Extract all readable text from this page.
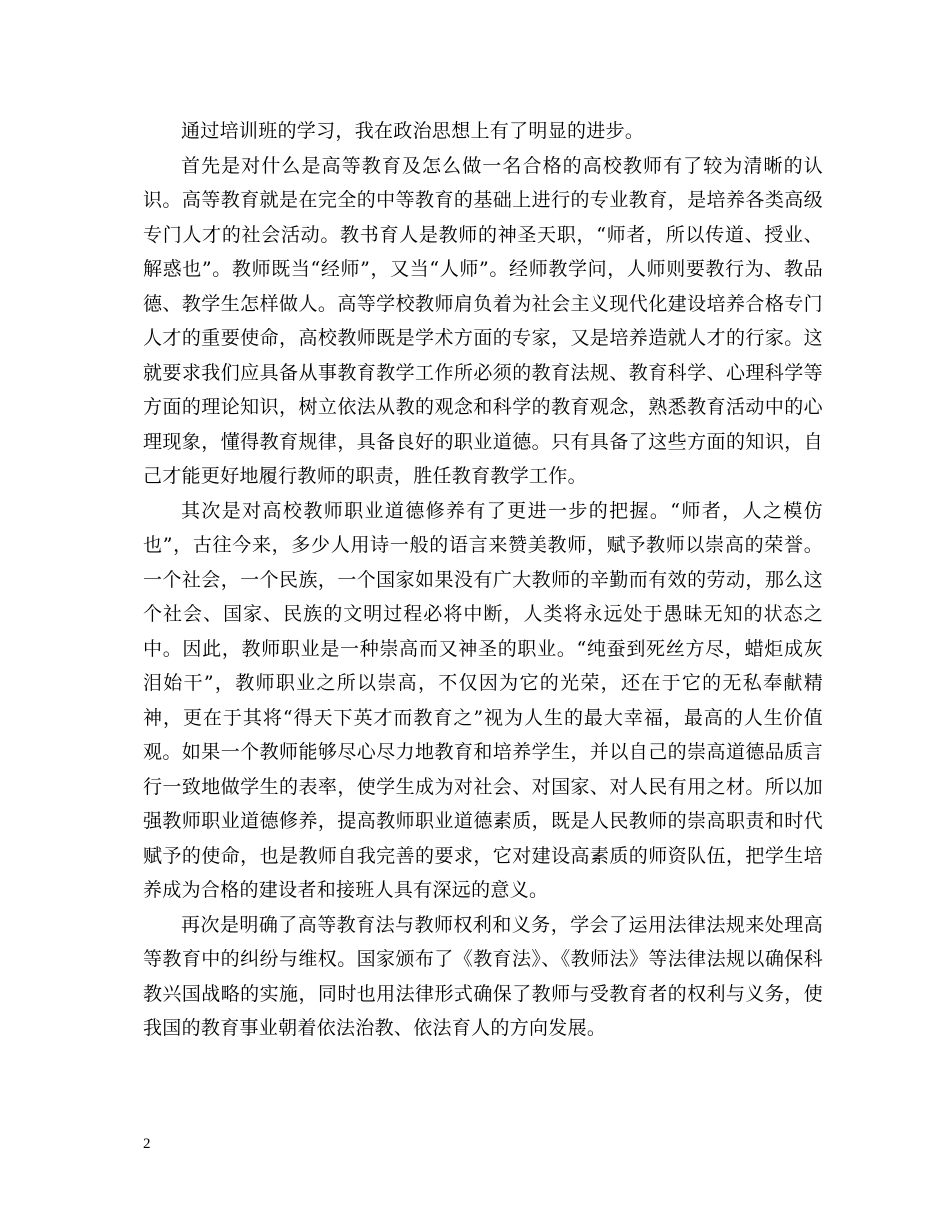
通过培训班的学习，我在政治思想上有了明显的进步。

首先是对什么是高等教育及怎么做一名合格的高校教师有了较为清晰的认识。高等教育就是在完全的中等教育的基础上进行的专业教育，是培养各类高级专门人才的社会活动。教书育人是教师的神圣天职，“师者，所以传道、授业、解惑也”。教师既当“经师”，又当“人师”。经师教学问，人师则要教行为、教品德、教学生怎样做人。高等学校教师肩负着为社会主义现代化建设培养合格专门人才的重要使命，高校教师既是学术方面的专家，又是培养造就人才的行家。这就要求我们应具备从事教育教学工作所必须的教育法规、教育科学、心理科学等方面的理论知识，树立依法从教的观念和科学的教育观念，熟悉教育活动中的心理现象，懂得教育规律，具备良好的职业道德。只有具备了这些方面的知识，自己才能更好地履行教师的职责，胜任教育教学工作。

其次是对高校教师职业道德修养有了更进一步的把握。“师者，人之模仿也”，古往今来，多少人用诗一般的语言来赞美教师，赋予教师以崇高的荣誉。一个社会，一个民族，一个国家如果没有广大教师的辛勤而有效的劳动，那么这个社会、国家、民族的文明过程必将中断，人类将永远处于愚昧无知的状态之中。因此，教师职业是一种崇高而又神圣的职业。“纯蚕到死丝方尽，蜡炬成灰泪始干”，教师职业之所以崇高，不仅因为它的光荣，还在于它的无私奉献精神，更在于其将“得天下英才而教育之”视为人生的最大幸福，最高的人生价值观。如果一个教师能够尽心尽力地教育和培养学生，并以自己的崇高道德品质言行一致地做学生的表率，使学生成为对社会、对国家、对人民有用之材。所以加强教师职业道德修养，提高教师职业道德素质，既是人民教师的崇高职责和时代赋予的使命，也是教师自我完善的要求，它对建设高素质的师资队伍，把学生培养成为合格的建设者和接班人具有深远的意义。

再次是明确了高等教育法与教师权利和义务，学会了运用法律法规来处理高等教育中的纠纷与维权。国家颁布了《教育法》、《教师法》等法律法规以确保科教兴国战略的实施，同时也用法律形式确保了教师与受教育者的权利与义务，使我国的教育事业朝着依法治教、依法育人的方向发展。

2
